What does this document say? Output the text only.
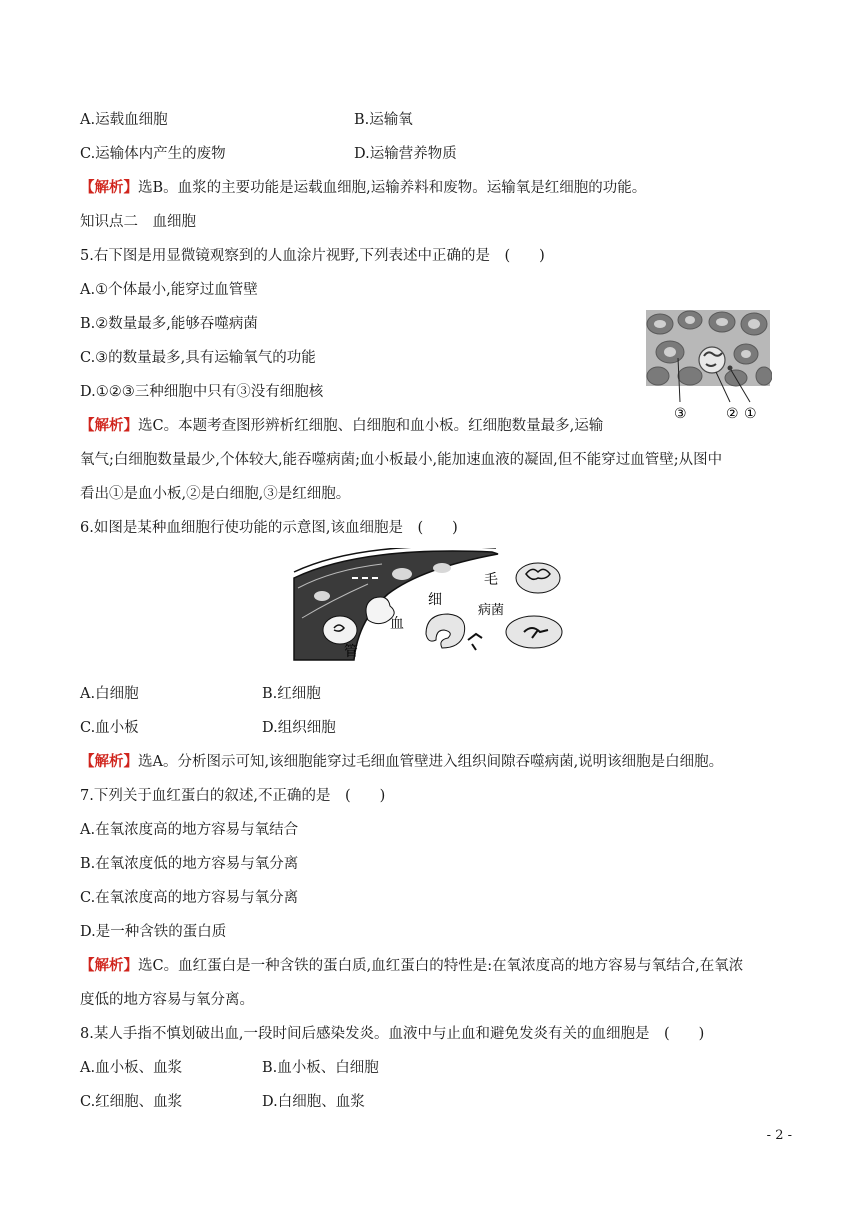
A.运载血细胞	B.运输氧
C.运输体内产生的废物	D.运输营养物质
【解析】选B。血浆的主要功能是运载血细胞,运输养料和废物。运输氧是红细胞的功能。
知识点二　血细胞
5.右下图是用显微镜观察到的人血涂片视野,下列表述中正确的是　(　　)
A.①个体最小,能穿过血管壁
B.②数量最多,能够吞噬病菌
C.③的数量最多,具有运输氧气的功能
D.①②③三种细胞中只有③没有细胞核
③	② ①
【解析】选C。本题考查图形辨析红细胞、白细胞和血小板。红细胞数量最多,运输
氧气;白细胞数量最少,个体较大,能吞噬病菌;血小板最小,能加速血液的凝固,但不能穿过血管壁;从图中
看出①是血小板,②是白细胞,③是红细胞。
6.如图是某种血细胞行使功能的示意图,该血细胞是　(　　)
毛
细
病菌
血
管
A.白细胞	B.红细胞
C.血小板	D.组织细胞
【解析】选A。分析图示可知,该细胞能穿过毛细血管壁进入组织间隙吞噬病菌,说明该细胞是白细胞。
7.下列关于血红蛋白的叙述,不正确的是　(　　)
A.在氧浓度高的地方容易与氧结合
B.在氧浓度低的地方容易与氧分离
C.在氧浓度高的地方容易与氧分离
D.是一种含铁的蛋白质
【解析】选C。血红蛋白是一种含铁的蛋白质,血红蛋白的特性是:在氧浓度高的地方容易与氧结合,在氧浓
度低的地方容易与氧分离。
8.某人手指不慎划破出血,一段时间后感染发炎。血液中与止血和避免发炎有关的血细胞是　(　　)
A.血小板、血浆	B.血小板、白细胞
C.红细胞、血浆	D.白细胞、血浆
- 2 -
